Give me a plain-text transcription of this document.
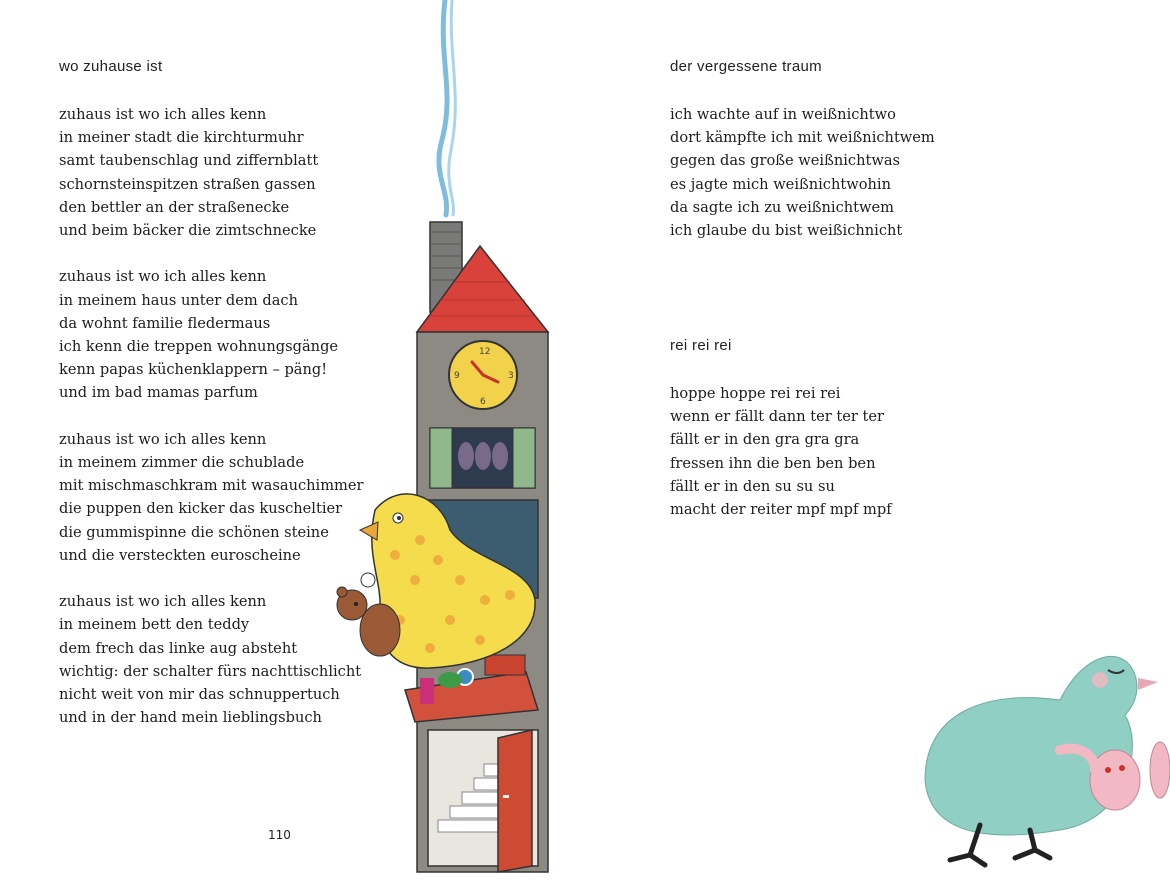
wo zuhause ist
zuhaus ist wo ich alles kenn
in meiner stadt die kirchturmuhr
samt taubenschlag und ziffernblatt
schornsteinspitzen straßen gassen
den bettler an der straßenecke
und beim bäcker die zimtschnecke
zuhaus ist wo ich alles kenn
in meinem haus unter dem dach
da wohnt familie fledermaus
ich kenn die treppen wohnungsgänge
kenn papas küchenklappern – päng!
und im bad mamas parfum
zuhaus ist wo ich alles kenn
in meinem zimmer die schublade
mit mischmaschkram mit wasauchimmer
die puppen den kicker das kuscheltier
die gummispinne die schönen steine
und die versteckten euroscheine
zuhaus ist wo ich alles kenn
in meinem bett den teddy
dem frech das linke aug absteht
wichtig: der schalter fürs nachttischlicht
nicht weit von mir das schnuppertuch
und in der hand mein lieblingsbuch
der vergessene traum
ich wachte auf in weißnichtwo
dort kämpfte ich mit weißnichtwem
gegen das große weißnichtwas
es jagte mich weißnichtwohin
da sagte ich zu weißnichtwem
ich glaube du bist weißichnicht
rei rei rei
hoppe hoppe rei rei rei
wenn er fällt dann ter ter ter
fällt er in den gra gra gra
fressen ihn die ben ben ben
fällt er in den su su su
macht der reiter mpf mpf mpf
110
12
3
6
9
